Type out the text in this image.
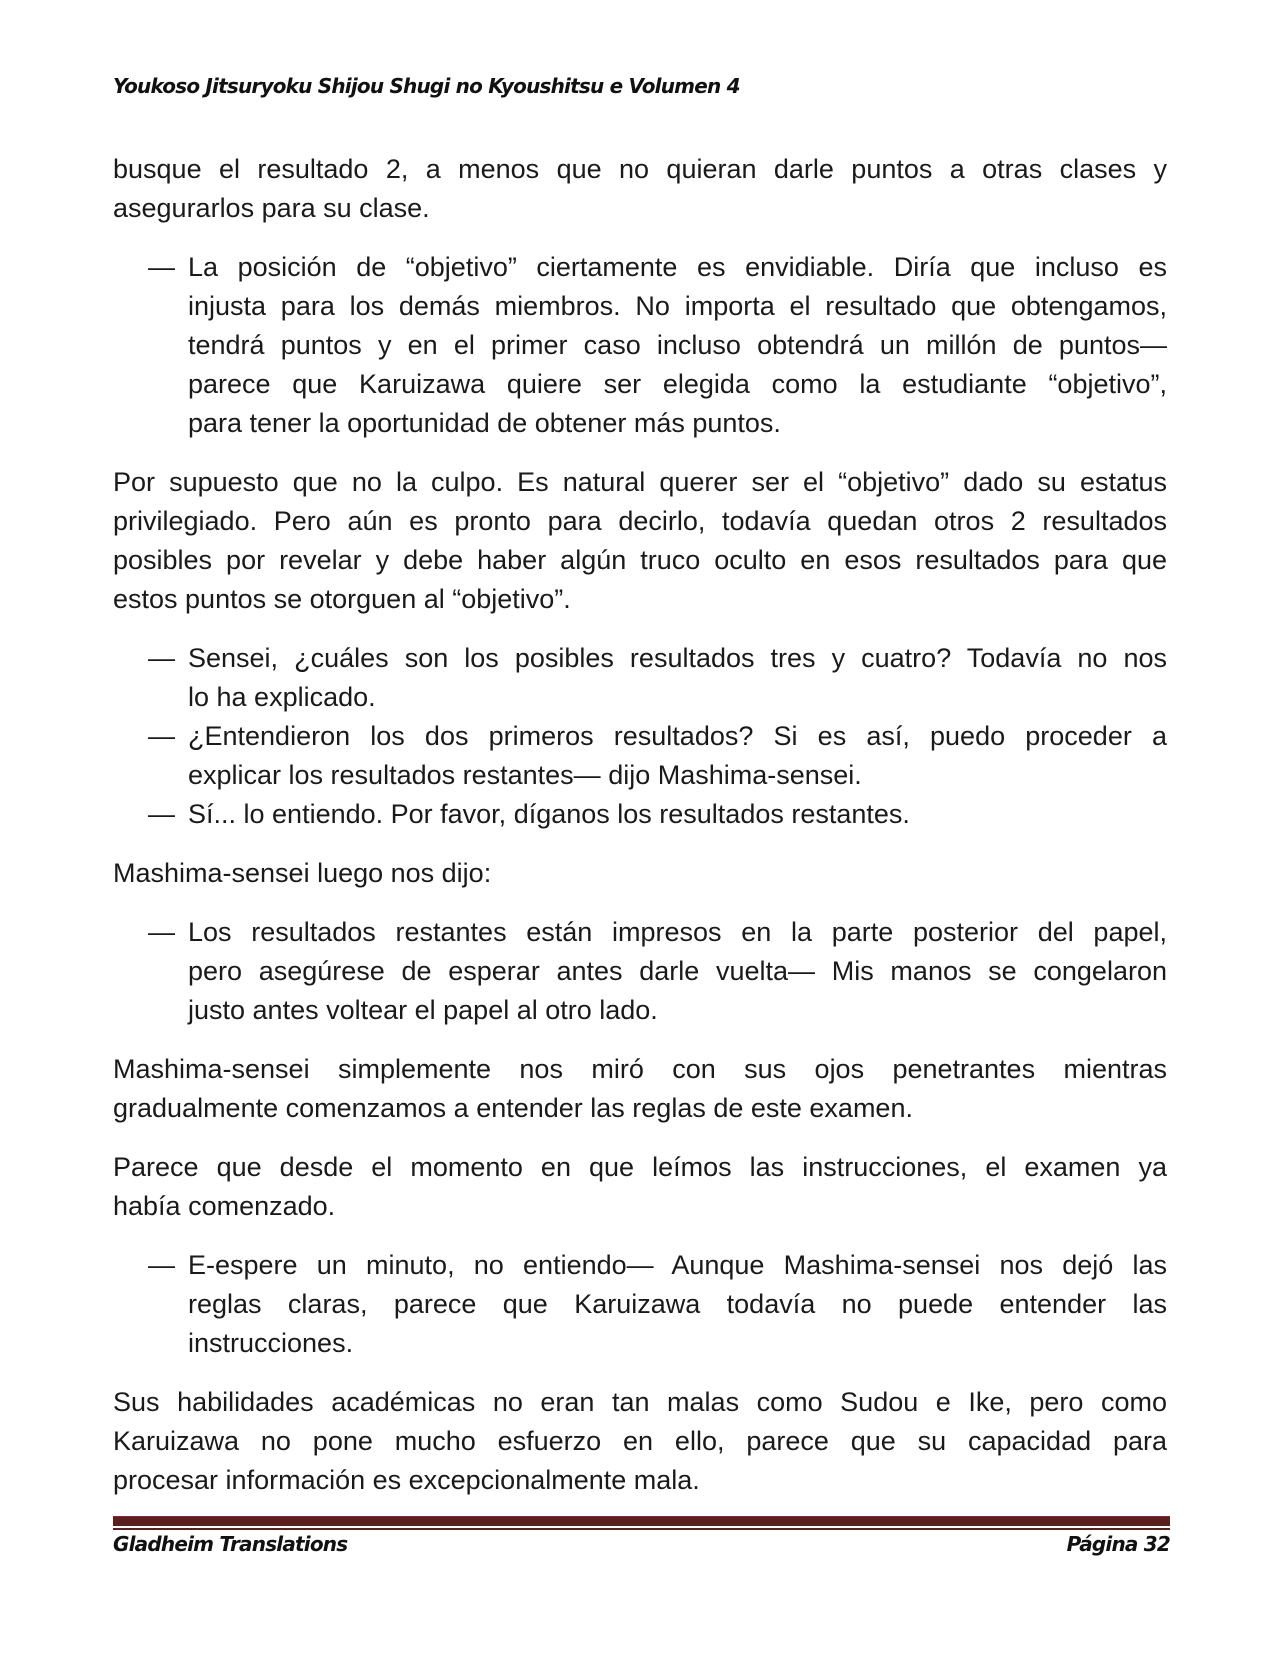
Youkoso Jitsuryoku Shijou Shugi no Kyoushitsu e Volumen 4
busque el resultado 2, a menos que no quieran darle puntos a otras clases y
asegurarlos para su clase.
— La posición de “objetivo” ciertamente es envidiable. Diría que incluso es
injusta para los demás miembros. No importa el resultado que obtengamos,
tendrá puntos y en el primer caso incluso obtendrá un millón de puntos—
parece que Karuizawa quiere ser elegida como la estudiante “objetivo”,
para tener la oportunidad de obtener más puntos.
Por supuesto que no la culpo. Es natural querer ser el “objetivo” dado su estatus
privilegiado. Pero aún es pronto para decirlo, todavía quedan otros 2 resultados
posibles por revelar y debe haber algún truco oculto en esos resultados para que
estos puntos se otorguen al “objetivo”.
— Sensei, ¿cuáles son los posibles resultados tres y cuatro? Todavía no nos
lo ha explicado.
— ¿Entendieron los dos primeros resultados? Si es así, puedo proceder a
explicar los resultados restantes— dijo Mashima-sensei.
— Sí... lo entiendo. Por favor, díganos los resultados restantes.
Mashima-sensei luego nos dijo:
— Los resultados restantes están impresos en la parte posterior del papel,
pero asegúrese de esperar antes darle vuelta— Mis manos se congelaron
justo antes voltear el papel al otro lado.
Mashima-sensei simplemente nos miró con sus ojos penetrantes mientras
gradualmente comenzamos a entender las reglas de este examen.
Parece que desde el momento en que leímos las instrucciones, el examen ya
había comenzado.
— E-espere un minuto, no entiendo— Aunque Mashima-sensei nos dejó las
reglas claras, parece que Karuizawa todavía no puede entender las
instrucciones.
Sus habilidades académicas no eran tan malas como Sudou e Ike, pero como
Karuizawa no pone mucho esfuerzo en ello, parece que su capacidad para
procesar información es excepcionalmente mala.
Gladheim Translations	Página 32
